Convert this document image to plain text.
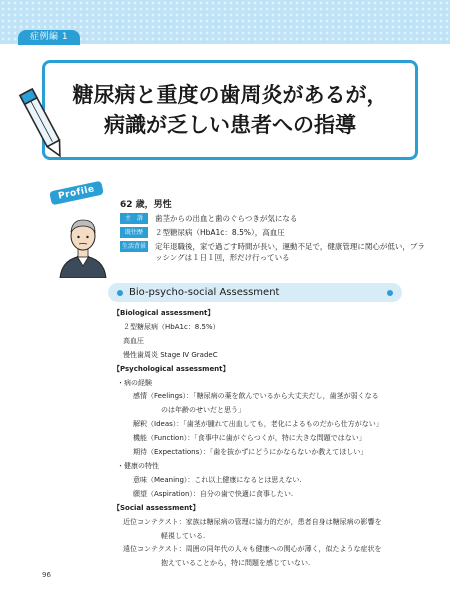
症例編 1
糖尿病と重度の歯周炎があるが，
病識が乏しい患者への指導
Profile
62 歳，男性
主　訴	歯茎からの出血と歯のぐらつきが気になる
既往歴	２型糖尿病（HbA1c：8.5%），高血圧
生活背景 定年退職後，家で過ごす時間が長い，運動不足で，健康管理に関心が低い，ブラッシングは１日１回，形だけ行っている
Bio-psycho-social Assessment
【Biological assessment】
２型糖尿病（HbA1c：8.5%）
高血圧
慢性歯周炎 Stage Ⅳ GradeC
【Psychological assessment】
・病の経験
感情（Feelings）：「糖尿病の薬を飲んでいるから大丈夫だし，歯茎が弱くなる
のは年齢のせいだと思う」
解釈（Ideas）：「歯茎が腫れて出血しても，老化によるものだから仕方がない」
機能（Function）：「食事中に歯がぐらつくが，特に大きな問題ではない」
期待（Expectations）：「歯を抜かずにどうにかならないか教えてほしい」
・健康の特性
意味（Meaning）：これ以上健康になるとは思えない.
願望（Aspiration）：自分の歯で快適に食事したい.
【Social assessment】
近位コンテクスト：家族は糖尿病の管理に協力的だが，患者自身は糖尿病の影響を
軽視している.
遠位コンテクスト：周囲の同年代の人々も健康への関心が薄く，似たような症状を
抱えていることから，特に問題を感じていない.
96
